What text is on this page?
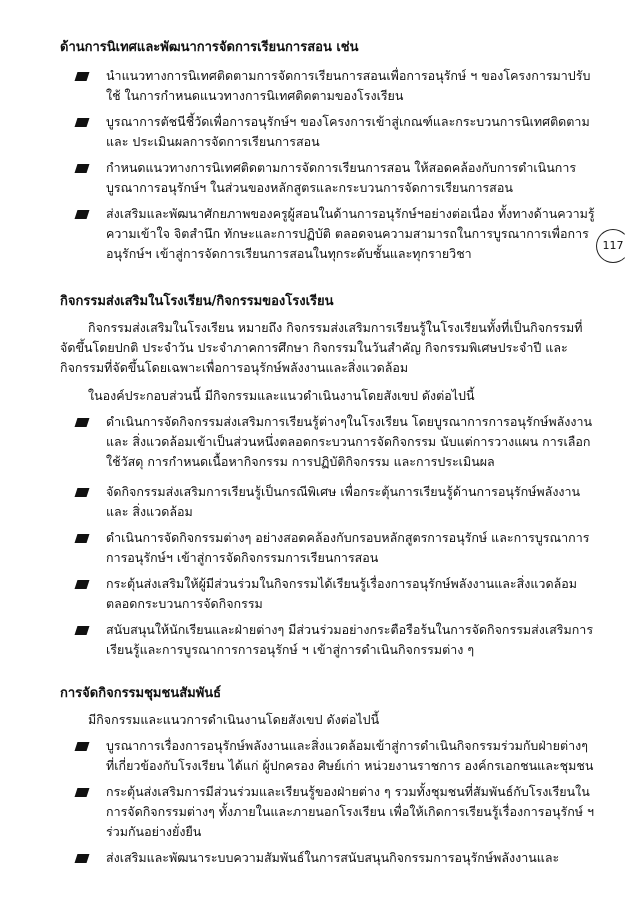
ด้านการนิเทศและพัฒนาการจัดการเรียนการสอน เช่น
นำแนวทางการนิเทศติดตามการจัดการเรียนการสอนเพื่อการอนุรักษ์ ฯ ของโครงการมาปรับใช้ ในการกำหนดแนวทางการนิเทศติดตามของโรงเรียน
บูรณาการตัชนีชี้วัดเพื่อการอนุรักษ์ฯ ของโครงการเข้าสู่เกณฑ์และกระบวนการนิเทศติดตามและ ประเมินผลการจัดการเรียนการสอน
กำหนดแนวทางการนิเทศติดตามการจัดการเรียนการสอน ให้สอดคล้องกับการดำเนินการ บูรณาการอนุรักษ์ฯ ในส่วนของหลักสูตรและกระบวนการจัดการเรียนการสอน
ส่งเสริมและพัฒนาศักยภาพของครูผู้สอนในด้านการอนุรักษ์ฯอย่างต่อเนื่อง ทั้งทางด้านความรู้ ความเข้าใจ จิตสำนึก ทักษะและการปฏิบัติ ตลอดจนความสามารถในการบูรณาการเพื่อการ อนุรักษ์ฯ เข้าสู่การจัดการเรียนการสอนในทุกระดับชั้นและทุกรายวิชา
117
กิจกรรมส่งเสริมในโรงเรียน/กิจกรรมของโรงเรียน
กิจกรรมส่งเสริมในโรงเรียน หมายถึง กิจกรรมส่งเสริมการเรียนรู้ในโรงเรียนทั้งที่เป็นกิจกรรมที่ จัดขึ้นโดยปกติ ประจำวัน ประจำภาคการศึกษา กิจกรรมในวันสำคัญ กิจกรรมพิเศษประจำปี และ กิจกรรมที่จัดขึ้นโดยเฉพาะเพื่อการอนุรักษ์พลังงานและสิ่งแวดล้อม
ในองค์ประกอบส่วนนี้ มีกิจกรรมและแนวดำเนินงานโดยสังเขป ดังต่อไปนี้
ดำเนินการจัดกิจกรรมส่งเสริมการเรียนรู้ต่างๆในโรงเรียน โดยบูรณาการการอนุรักษ์พลังงานและ สิ่งแวดล้อมเข้าเป็นส่วนหนึ่งตลอดกระบวนการจัดกิจกรรม นับแต่การวางแผน การเลือกใช้วัสดุ การกำหนดเนื้อหากิจกรรม การปฏิบัติกิจกรรม และการประเมินผล
จัดกิจกรรมส่งเสริมการเรียนรู้เป็นกรณีพิเศษ เพื่อกระตุ้นการเรียนรู้ด้านการอนุรักษ์พลังงานและ สิ่งแวดล้อม
ดำเนินการจัดกิจกรรมต่างๆ อย่างสอดคล้องกับกรอบหลักสูตรการอนุรักษ์ และการบูรณาการ การอนุรักษ์ฯ เข้าสู่การจัดกิจกรรมการเรียนการสอน
กระตุ้นส่งเสริมให้ผู้มีส่วนร่วมในกิจกรรมได้เรียนรู้เรื่องการอนุรักษ์พลังงานและสิ่งแวดล้อม ตลอดกระบวนการจัดกิจกรรม
สนับสนุนให้นักเรียนและฝ่ายต่างๆ มีส่วนร่วมอย่างกระตือรือร้นในการจัดกิจกรรมส่งเสริมการ เรียนรู้และการบูรณาการการอนุรักษ์ ฯ เข้าสู่การดำเนินกิจกรรมต่าง ๆ
การจัดกิจกรรมชุมชนสัมพันธ์
มีกิจกรรมและแนวการดำเนินงานโดยสังเขป ดังต่อไปนี้
บูรณาการเรื่องการอนุรักษ์พลังงานและสิ่งแวดล้อมเข้าสู่การดำเนินกิจกรรมร่วมกับฝ่ายต่างๆ ที่เกี่ยวข้องกับโรงเรียน ได้แก่ ผู้ปกครอง ศิษย์เก่า หน่วยงานราชการ องค์กรเอกชนและชุมชน
กระตุ้นส่งเสริมการมีส่วนร่วมและเรียนรู้ของฝ่ายต่าง ๆ รวมทั้งชุมชนที่สัมพันธ์กับโรงเรียนใน การจัดกิจกรรมต่างๆ ทั้งภายในและภายนอกโรงเรียน เพื่อให้เกิดการเรียนรู้เรื่องการอนุรักษ์ ฯ ร่วมกันอย่างยั่งยืน
ส่งเสริมและพัฒนาระบบความสัมพันธ์ในการสนับสนุนกิจกรรมการอนุรักษ์พลังงานและ
